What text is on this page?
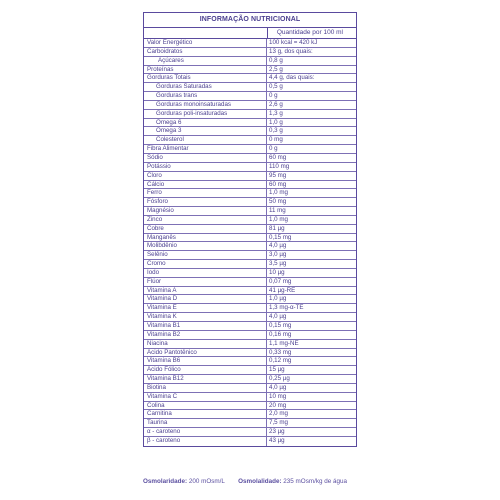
INFORMAÇÃO NUTRICIONAL
Quantidade por 100 ml
Valor Energético	100 kcal = 420 kJ
Carboidratos	13 g, dos quais:
Açúcares	0,8 g
Proteínas	2,5 g
Gorduras Totais	4,4 g, das quais:
Gorduras Saturadas	0,5 g
Gorduras trans	0 g
Gorduras monoinsaturadas	2,6 g
Gorduras poli-insaturadas	1,3 g
Ômega 6	1,0 g
Ômega 3	0,3 g
Colesterol	0 mg
Fibra Alimentar	0 g
Sódio	60 mg
Potássio	110 mg
Cloro	95 mg
Cálcio	60 mg
Ferro	1,0 mg
Fósforo	50 mg
Magnésio	11 mg
Zinco	1,0 mg
Cobre	81 µg
Manganês	0,15 mg
Molibdênio	4,0 µg
Selênio	3,0 µg
Cromo	3,5 µg
Iodo	10 µg
Flúor	0,07 mg
Vitamina A	41 µg-RE
Vitamina D	1,0 µg
Vitamina E	1,3 mg-α-TE
Vitamina K	4,0 µg
Vitamina B1	0,15 mg
Vitamina B2	0,16 mg
Niacina	1,1 mg-NE
Ácido Pantotênico	0,33 mg
Vitamina B6	0,12 mg
Ácido Fólico	15 µg
Vitamina B12	0,25 µg
Biotina	4,0 µg
Vitamina C	10 mg
Colina	20 mg
Carnitina	2,0 mg
Taurina	7,5 mg
α - caroteno	23 µg
β - caroteno	43 µg
Osmolaridade: 200 mOsm/L Osmolalidade: 235 mOsm/kg de água
